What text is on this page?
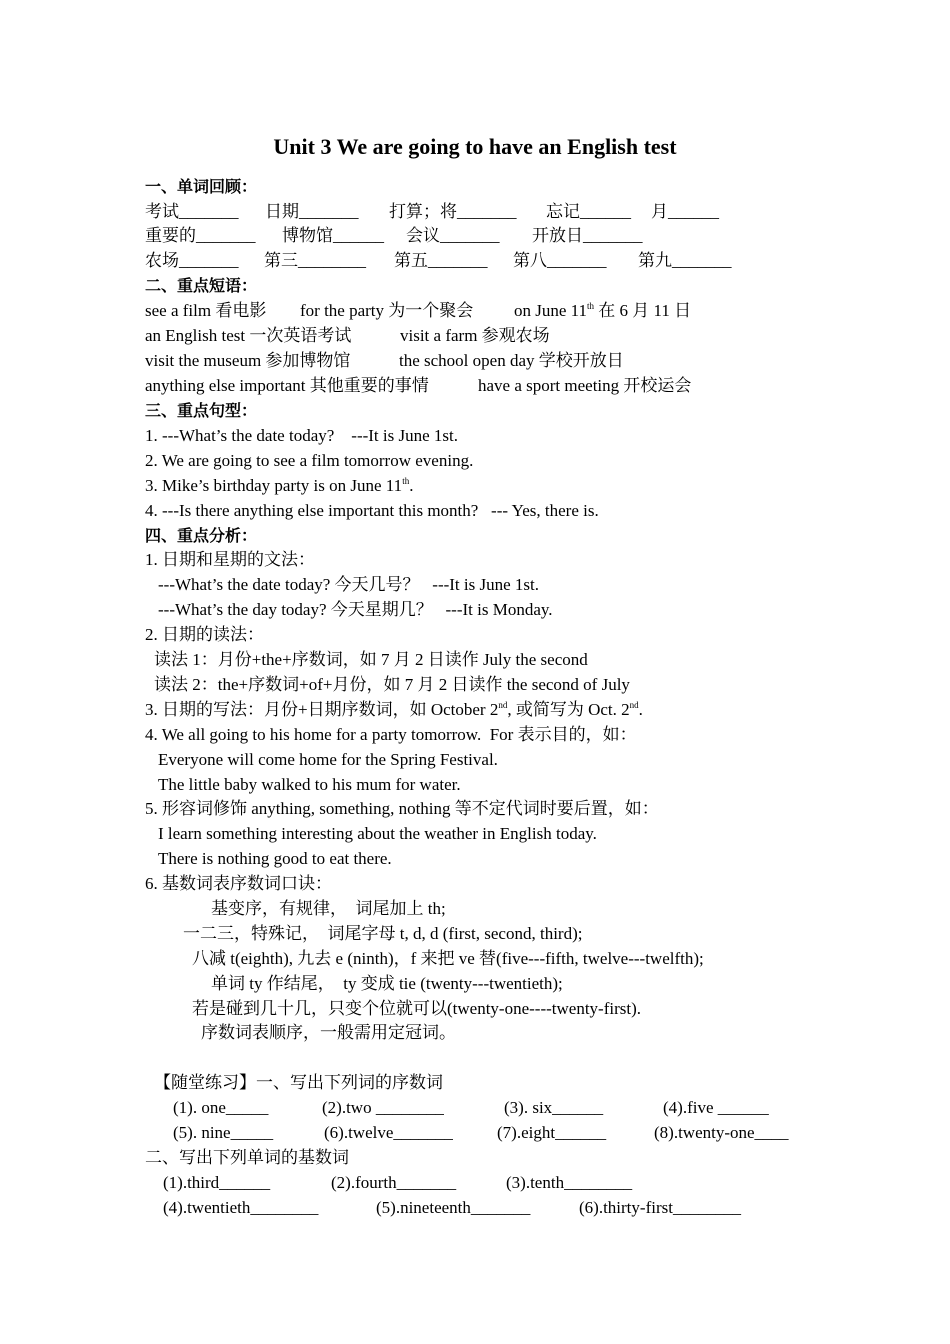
Unit 3 We are going to have an English test
一、单词回顾：
考试_______ 日期_______ 打算；将_______ 忘记______ 月______
重要的_______ 博物馆______ 会议_______ 开放日_______
农场_______ 第三________ 第五_______ 第八_______ 第九_______
二、重点短语：
see a film 看电影 for the party 为一个聚会 on June 11th 在 6 月 11 日
an English test 一次英语考试	visit a farm 参观农场
visit the museum 参加博物馆	the school open day 学校开放日
anything else important 其他重要的事情	have a sport meeting 开校运会
三、重点句型：
1. ---What’s the date today?    ---It is June 1st.
2. We are going to see a film tomorrow evening.
3. Mike’s birthday party is on June 11th.
4. ---Is there anything else important this month?   --- Yes, there is.
四、重点分析：
1. 日期和星期的文法：
---What’s the date today? 今天几号？   ---It is June 1st.
---What’s the day today? 今天星期几？   ---It is Monday.
2. 日期的读法：
读法 1：月份+the+序数词，如 7 月 2 日读作 July the second
读法 2：the+序数词+of+月份，如 7 月 2 日读作 the second of July
3. 日期的写法：月份+日期序数词，如 October 2nd, 或简写为 Oct. 2nd.
4. We all going to his home for a party tomorrow.  For 表示目的，如：
Everyone will come home for the Spring Festival.
The little baby walked to his mum for water.
5. 形容词修饰 anything, something, nothing 等不定代词时要后置，如：
I learn something interesting about the weather in English today.
There is nothing good to eat there.
6. 基数词表序数词口诀：
基变序，有规律，  词尾加上 th;
一二三，特殊记，  词尾字母 t, d, d (first, second, third);
八减 t(eighth), 九去 e (ninth)，f 来把 ve 替(five---fifth, twelve---twelfth);
单词 ty 作结尾，  ty 变成 tie (twenty---twentieth);
若是碰到几十几，只变个位就可以(twenty-one----twenty-first).
序数词表顺序，一般需用定冠词。
【随堂练习】一、写出下列词的序数词
(1). one_____	(2).two ________	(3). six______	(4).five ______
(5). nine_____	(6).twelve_______	(7).eight______	(8).twenty-one____
二、写出下列单词的基数词
(1).third______	(2).fourth_______	(3).tenth________
(4).twentieth________	(5).nineteenth_______	(6).thirty-first________
